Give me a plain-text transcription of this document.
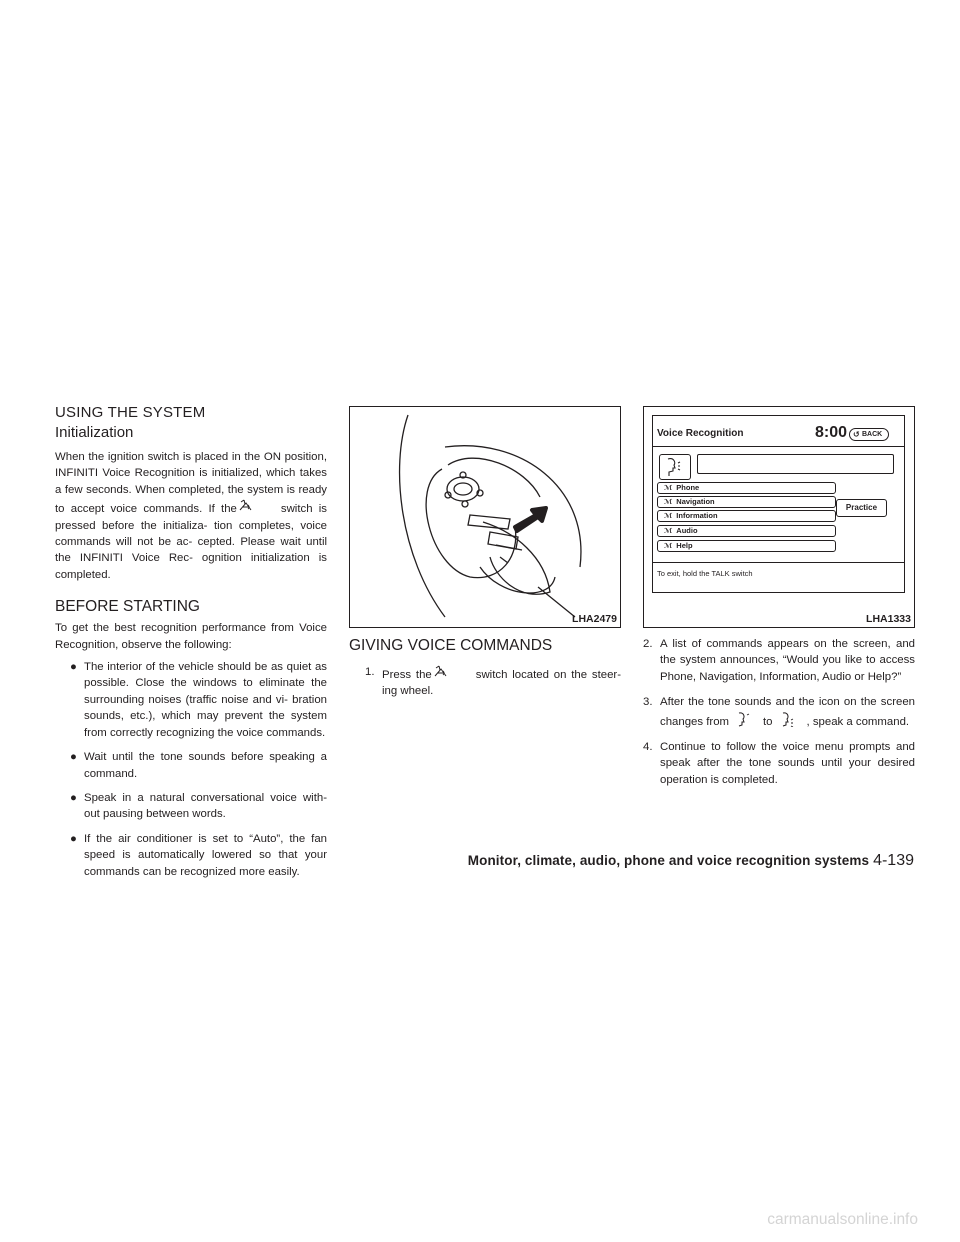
USING THE SYSTEM
Initialization

When the ignition switch is placed in the ON position, INFINITI Voice Recognition is initialized, which takes a few seconds. When completed, the system is ready to accept voice commands. If the	switch is pressed before the initializa- tion completes, voice commands will not be ac- cepted. Please wait until the INFINITI Voice Rec- ognition initialization is completed.

BEFORE STARTING

To get the best recognition performance from Voice Recognition, observe the following:

● The interior of the vehicle should be as quiet as possible. Close the windows to eliminate the surrounding noises (traffic noise and vi- bration sounds, etc.), which may prevent the system from correctly recognizing the voice commands.
● Wait until the tone sounds before speaking a command.
● Speak in a natural conversational voice with- out pausing between words.
● If the air conditioner is set to “Auto”, the fan speed is automatically lowered so that your commands can be recognized more easily.
LHA2479
Voice Recognition	8:00 ↺ BACK
ℳ Phone
ℳ Navigation
ℳ Information
ℳ Audio
ℳ Help
Practice
To exit, hold the TALK switch
LHA1333
GIVING VOICE COMMANDS
1. Press the	switch located on the steer- ing wheel.
2. A list of commands appears on the screen, and the system announces, “Would you like to access Phone, Navigation, Information, Audio or Help?”
3. After the tone sounds and the icon on the screen changes from	to	, speak a command.
4. Continue to follow the voice menu prompts and speak after the tone sounds until your desired operation is completed.
Monitor, climate, audio, phone and voice recognition systems 4-139
carmanualsonline.info
